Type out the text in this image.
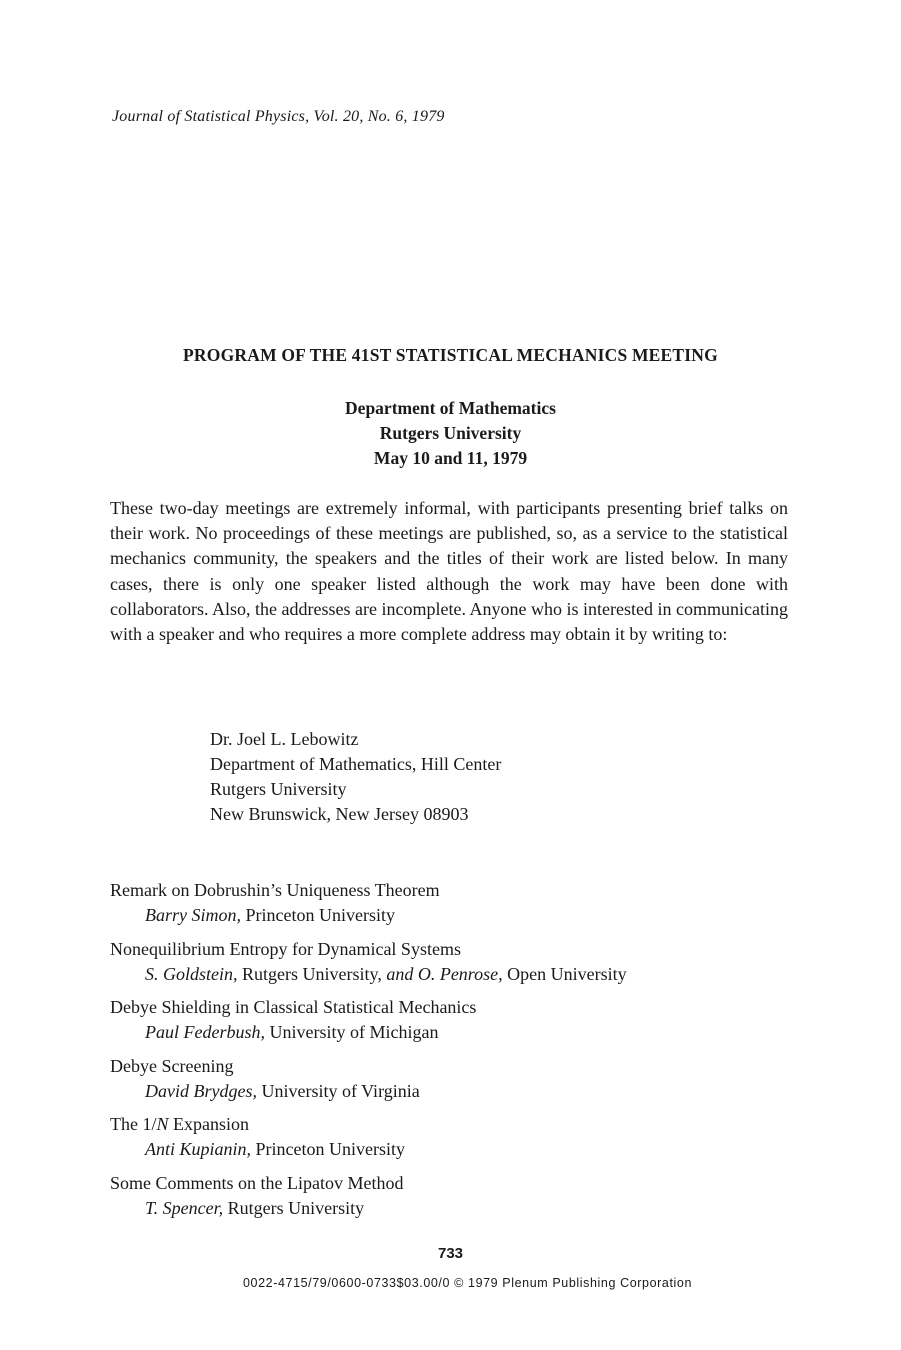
Journal of Statistical Physics, Vol. 20, No. 6, 1979
PROGRAM OF THE 41ST STATISTICAL MECHANICS MEETING
Department of Mathematics
Rutgers University
May 10 and 11, 1979
These two-day meetings are extremely informal, with participants presenting brief talks on their work. No proceedings of these meetings are published, so, as a service to the statistical mechanics community, the speakers and the titles of their work are listed below. In many cases, there is only one speaker listed although the work may have been done with collaborators. Also, the addresses are incomplete. Anyone who is interested in communicating with a speaker and who requires a more complete address may obtain it by writing to:
Dr. Joel L. Lebowitz
Department of Mathematics, Hill Center
Rutgers University
New Brunswick, New Jersey 08903
Remark on Dobrushin’s Uniqueness Theorem
Barry Simon, Princeton University
Nonequilibrium Entropy for Dynamical Systems
S. Goldstein, Rutgers University, and O. Penrose, Open University
Debye Shielding in Classical Statistical Mechanics
Paul Federbush, University of Michigan
Debye Screening
David Brydges, University of Virginia
The 1/N Expansion
Anti Kupianin, Princeton University
Some Comments on the Lipatov Method
T. Spencer, Rutgers University
733
0022-4715/79/0600-0733$03.00/0 © 1979 Plenum Publishing Corporation
